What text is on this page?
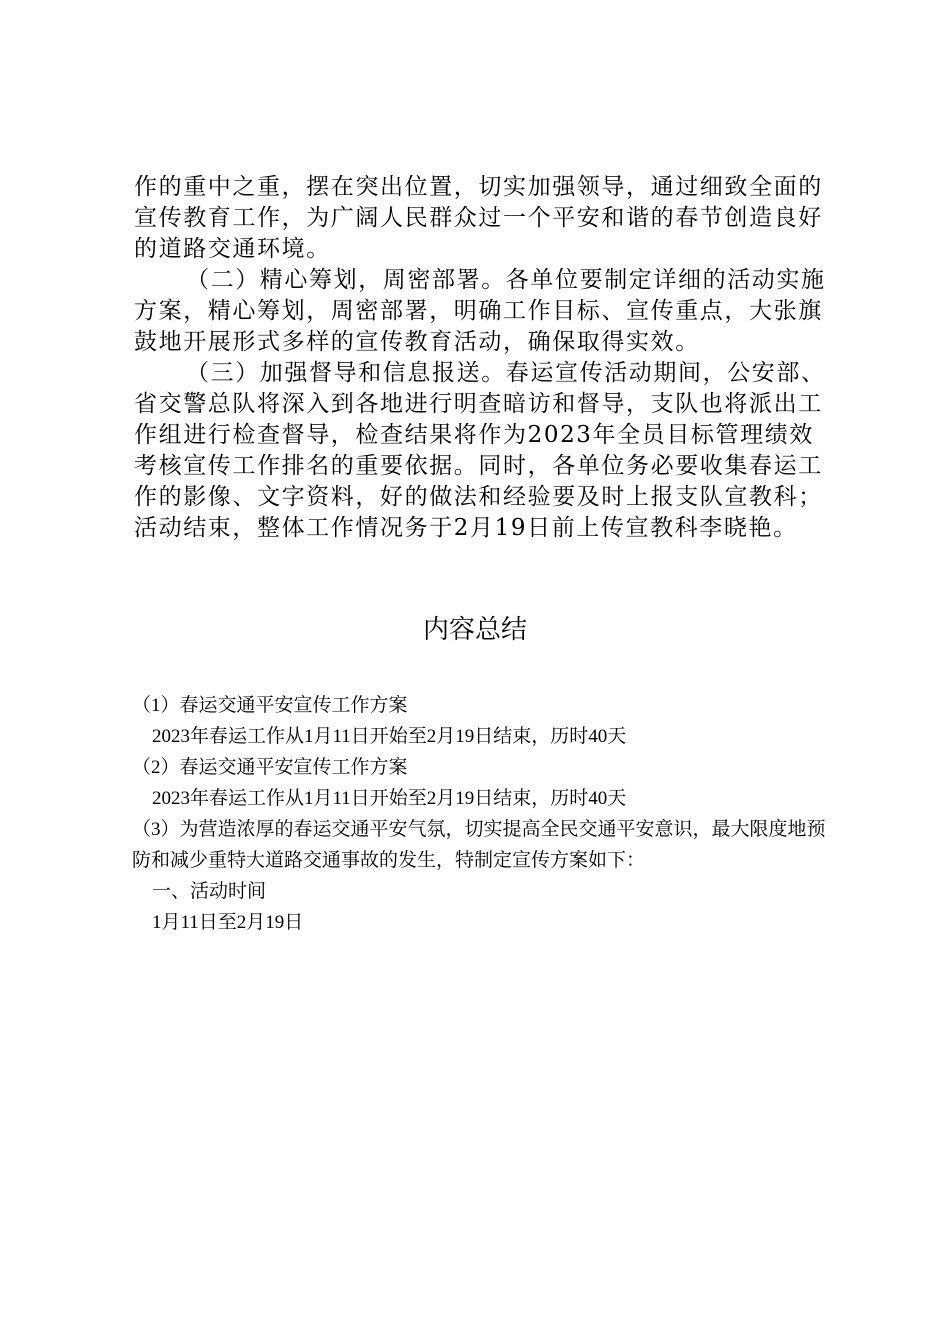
作的重中之重，摆在突出位置，切实加强领导，通过细致全面的宣传教育工作，为广阔人民群众过一个平安和谐的春节创造良好的道路交通环境。

（二）精心筹划，周密部署。各单位要制定详细的活动实施方案，精心筹划，周密部署，明确工作目标、宣传重点，大张旗鼓地开展形式多样的宣传教育活动，确保取得实效。

（三）加强督导和信息报送。春运宣传活动期间，公安部、省交警总队将深入到各地进行明查暗访和督导，支队也将派出工作组进行检查督导，检查结果将作为2023年全员目标管理绩效考核宣传工作排名的重要依据。同时，各单位务必要收集春运工作的影像、文字资料，好的做法和经验要及时上报支队宣教科；活动结束，整体工作情况务于2月19日前上传宣教科李晓艳。

内容总结

（1）春运交通平安宣传工作方案

2023年春运工作从1月11日开始至2月19日结束，历时40天

（2）春运交通平安宣传工作方案

2023年春运工作从1月11日开始至2月19日结束，历时40天

（3）为营造浓厚的春运交通平安气氛，切实提高全民交通平安意识，最大限度地预防和减少重特大道路交通事故的发生，特制定宣传方案如下：

一、活动时间

1月11日至2月19日
